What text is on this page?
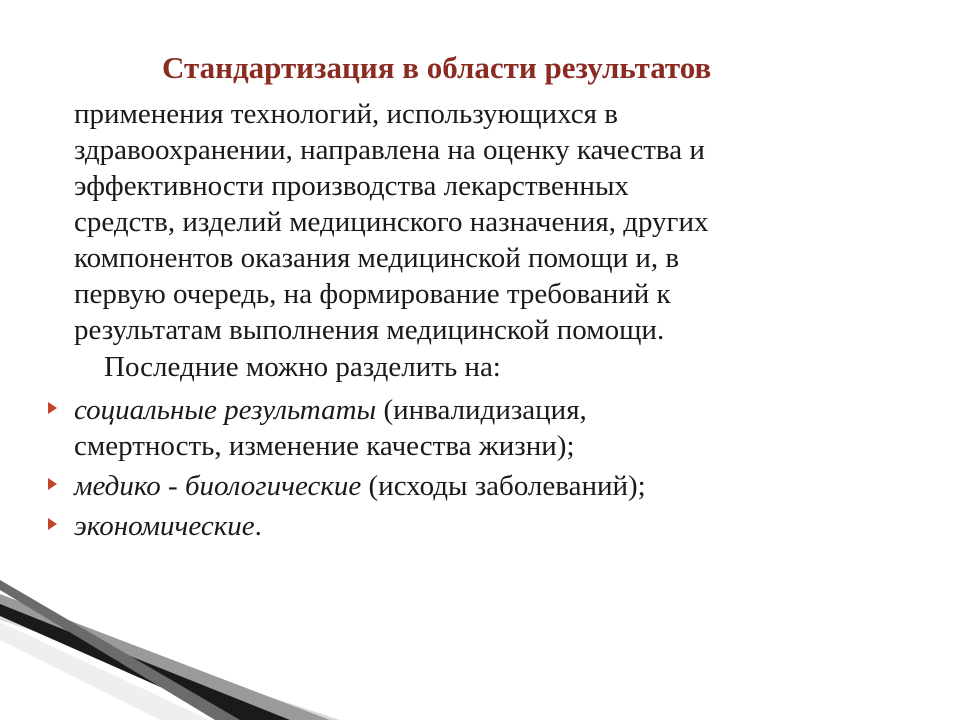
Стандартизация в области результатов
применения технологий, использующихся в
здравоохранении, направлена на оценку качества и
эффективности производства лекарственных
средств, изделий медицинского назначения, других
компонентов оказания медицинской помощи и, в
первую очередь, на формирование требований к
результатам выполнения медицинской помощи.
Последние можно разделить на:
социальные результаты (инвалидизация,
смертность, изменение качества жизни);
медико - биологические (исходы заболеваний);
экономические.
